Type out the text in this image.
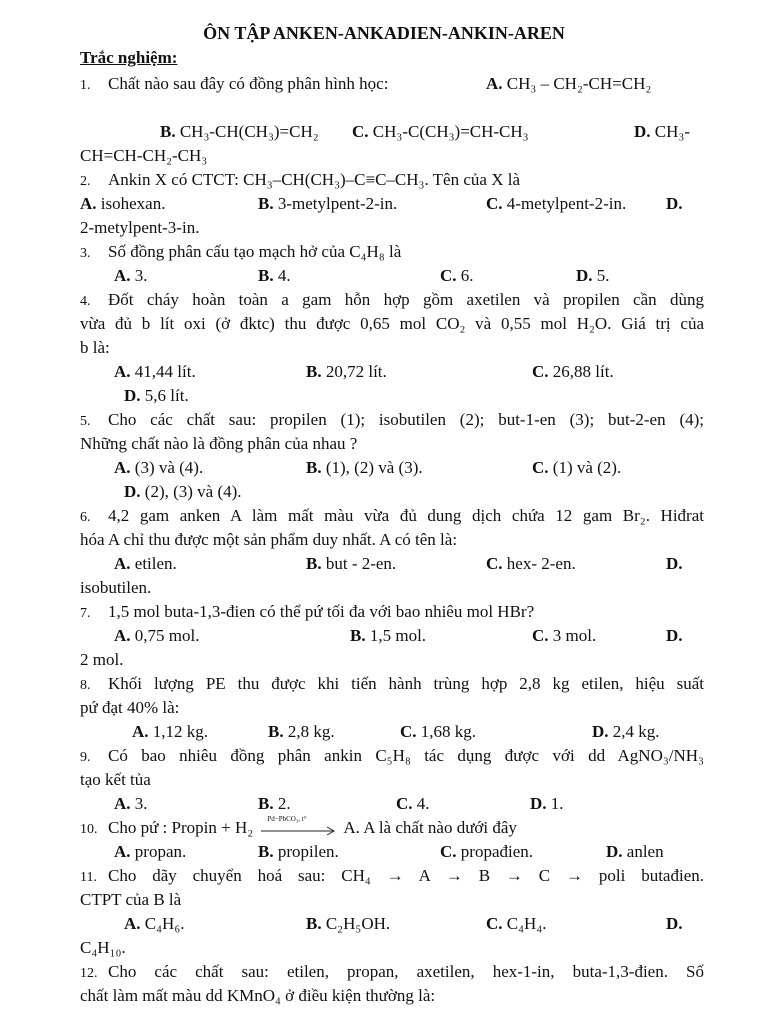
ÔN TẬP ANKEN-ANKADIEN-ANKIN-AREN
Trắc nghiệm:
1. Chất nào sau đây có đồng phân hình học:	A. CH₃ – CH₂-CH=CH₂
B. CH₃-CH(CH₃)=CH₂ C. CH₃-C(CH₃)=CH-CH₃	D. CH₃-
CH=CH-CH₂-CH₃
2. Ankin X có CTCT: CH₃–CH(CH₃)–C≡C–CH₃. Tên của X là
A. isohexan.	B. 3-metylpent-2-in.	C. 4-metylpent-2-in. D.
2-metylpent-3-in.
3. Số đồng phân cấu tạo mạch hở của C₄H₈ là
A. 3.	B. 4.	C. 6.	D. 5.
4. Đốt cháy hoàn toàn a gam hỗn hợp gồm axetilen và propilen cần dùng
vừa đủ b lít oxi (ở đktc) thu được 0,65 mol CO₂ và 0,55 mol H₂O. Giá trị của
b là:
A. 41,44 lít.	B. 20,72 lít.	C. 26,88 lít.
D. 5,6 lít.
5. Cho các chất sau: propilen (1); isobutilen (2); but-1-en (3); but-2-en (4);
Những chất nào là đồng phân của nhau ?
A. (3) và (4).	B. (1), (2) và (3).	C. (1) và (2).
D. (2), (3) và (4).
6. 4,2 gam anken A làm mất màu vừa đủ dung dịch chứa 12 gam Br₂. Hiđrat
hóa A chỉ thu được một sản phẩm duy nhất. A có tên là:
A. etilen.	B. but - 2-en.	C. hex- 2-en.	D.
isobutilen.
7. 1,5 mol buta-1,3-đien có thể pứ tối đa với bao nhiêu mol HBr?
A. 0,75 mol.	B. 1,5 mol.	C. 3 mol.	D.
2 mol.
8. Khối lượng PE thu được khi tiến hành trùng hợp 2,8 kg etilen, hiệu suất
pứ đạt 40% là:
A. 1,12 kg.	B. 2,8 kg.	C. 1,68 kg.	D. 2,4 kg.
9. Có bao nhiêu đồng phân ankin C₅H₈ tác dụng được với dd AgNO₃/NH₃
tạo kết tủa
A. 3.	B. 2.	C. 4.	D. 1.
10. Cho pứ : Propin + H₂ Pd−PbCO₃, t° A. A là chất nào dưới đây
A. propan.	B. propilen.	C. propađien.	D. anlen
11. Cho dãy chuyển hoá sau: CH₄ → A → B → C → poli butađien.
CTPT của B là
A. C₄H₆.	B. C₂H₅OH.	C. C₄H₄.	D.
C₄H₁₀.
12. Cho các chất sau: etilen, propan, axetilen, hex-1-in, buta-1,3-đien. Số
chất làm mất màu dd KMnO₄ ở điều kiện thường là:
